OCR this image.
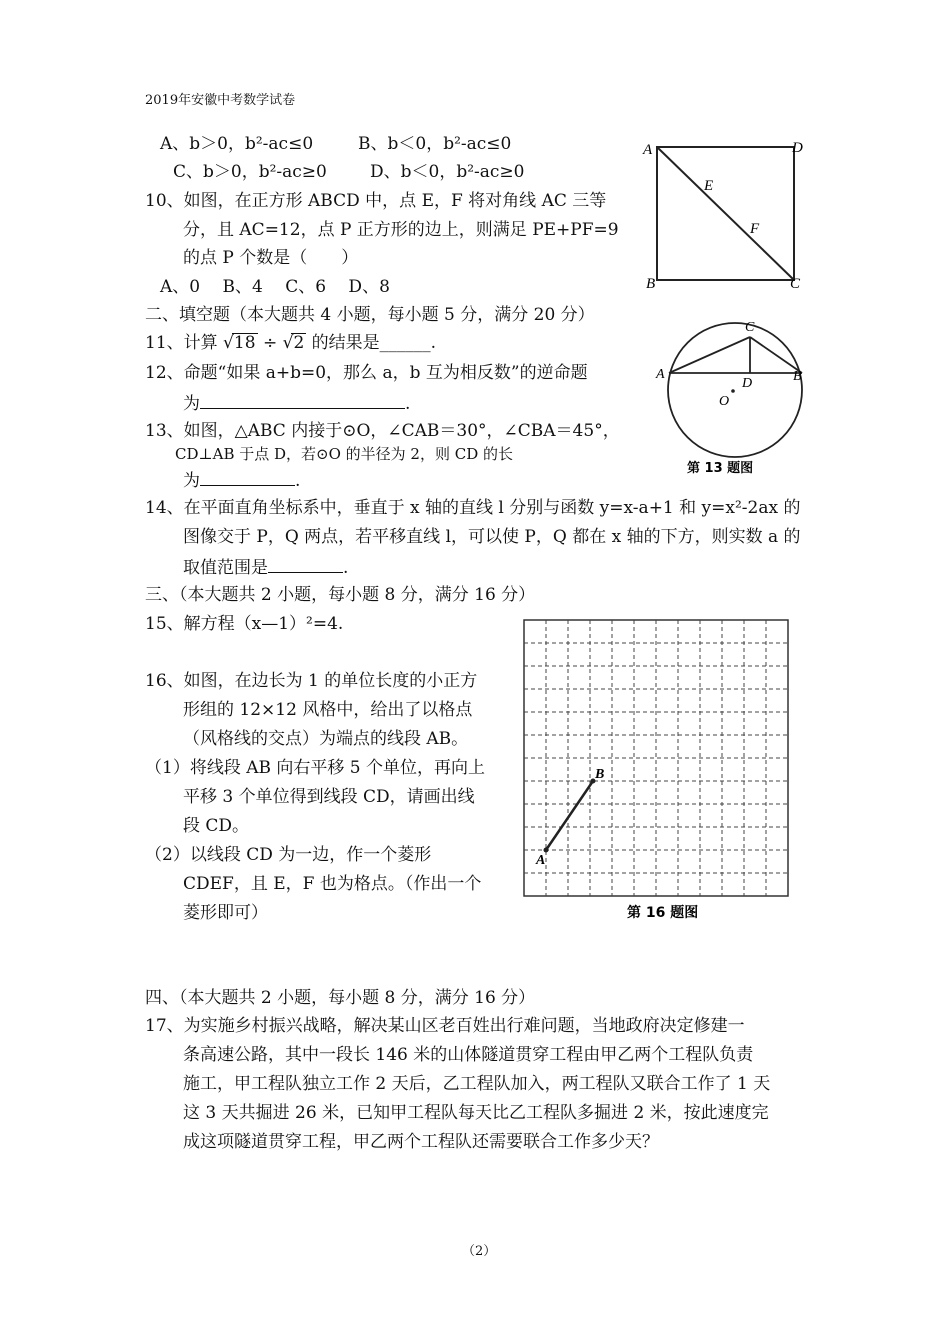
2019年安徽中考数学试卷
A、b＞0，b²-ac≤0	B、b＜0，b²-ac≤0
C、b＞0，b²-ac≥0	D、b＜0，b²-ac≥0
10、如图，在正方形 ABCD 中，点 E，F 将对角线 AC 三等
分，且 AC=12，点 P 正方形的边上，则满足 PE+PF=9
的点 P 个数是（　　）
A、0　 B、4　 C、6　 D、8
A
B	C
D
E
F
二、填空题（本大题共 4 小题，每小题 5 分，满分 20 分）
11、计算 √18 ÷ √2 的结果是______.
12、命题“如果 a+b=0，那么 a，b 互为相反数”的逆命题
为	.
13、如图，△ABC 内接于⊙O，∠CAB＝30°，∠CBA＝45°，
CD⊥AB 于点 D，若⊙O 的半径为 2，则 CD 的长
为	.
A	B
C
D
O
第 13 题图
14、在平面直角坐标系中，垂直于 x 轴的直线 l 分别与函数 y=x-a+1 和 y=x²-2ax 的
图像交于 P，Q 两点，若平移直线 l，可以使 P，Q 都在 x 轴的下方，则实数 a 的
取值范围是	.
三、（本大题共 2 小题，每小题 8 分，满分 16 分）
15、解方程（x—1）²=4.
16、如图，在边长为 1 的单位长度的小正方
形组的 12×12 风格中，给出了以格点
（风格线的交点）为端点的线段 AB。
（1）将线段 AB 向右平移 5 个单位，再向上
平移 3 个单位得到线段 CD，请画出线
段 CD。
（2）以线段 CD 为一边，作一个菱形
CDEF，且 E，F 也为格点。（作出一个
菱形即可）
A
B
第 16 题图
四、（本大题共 2 小题，每小题 8 分，满分 16 分）
17、为实施乡村振兴战略，解决某山区老百姓出行难问题，当地政府决定修建一
条高速公路，其中一段长 146 米的山体隧道贯穿工程由甲乙两个工程队负责
施工，甲工程队独立工作 2 天后，乙工程队加入，两工程队又联合工作了 1 天
这 3 天共掘进 26 米，已知甲工程队每天比乙工程队多掘进 2 米，按此速度完
成这项隧道贯穿工程，甲乙两个工程队还需要联合工作多少天？
（2）
